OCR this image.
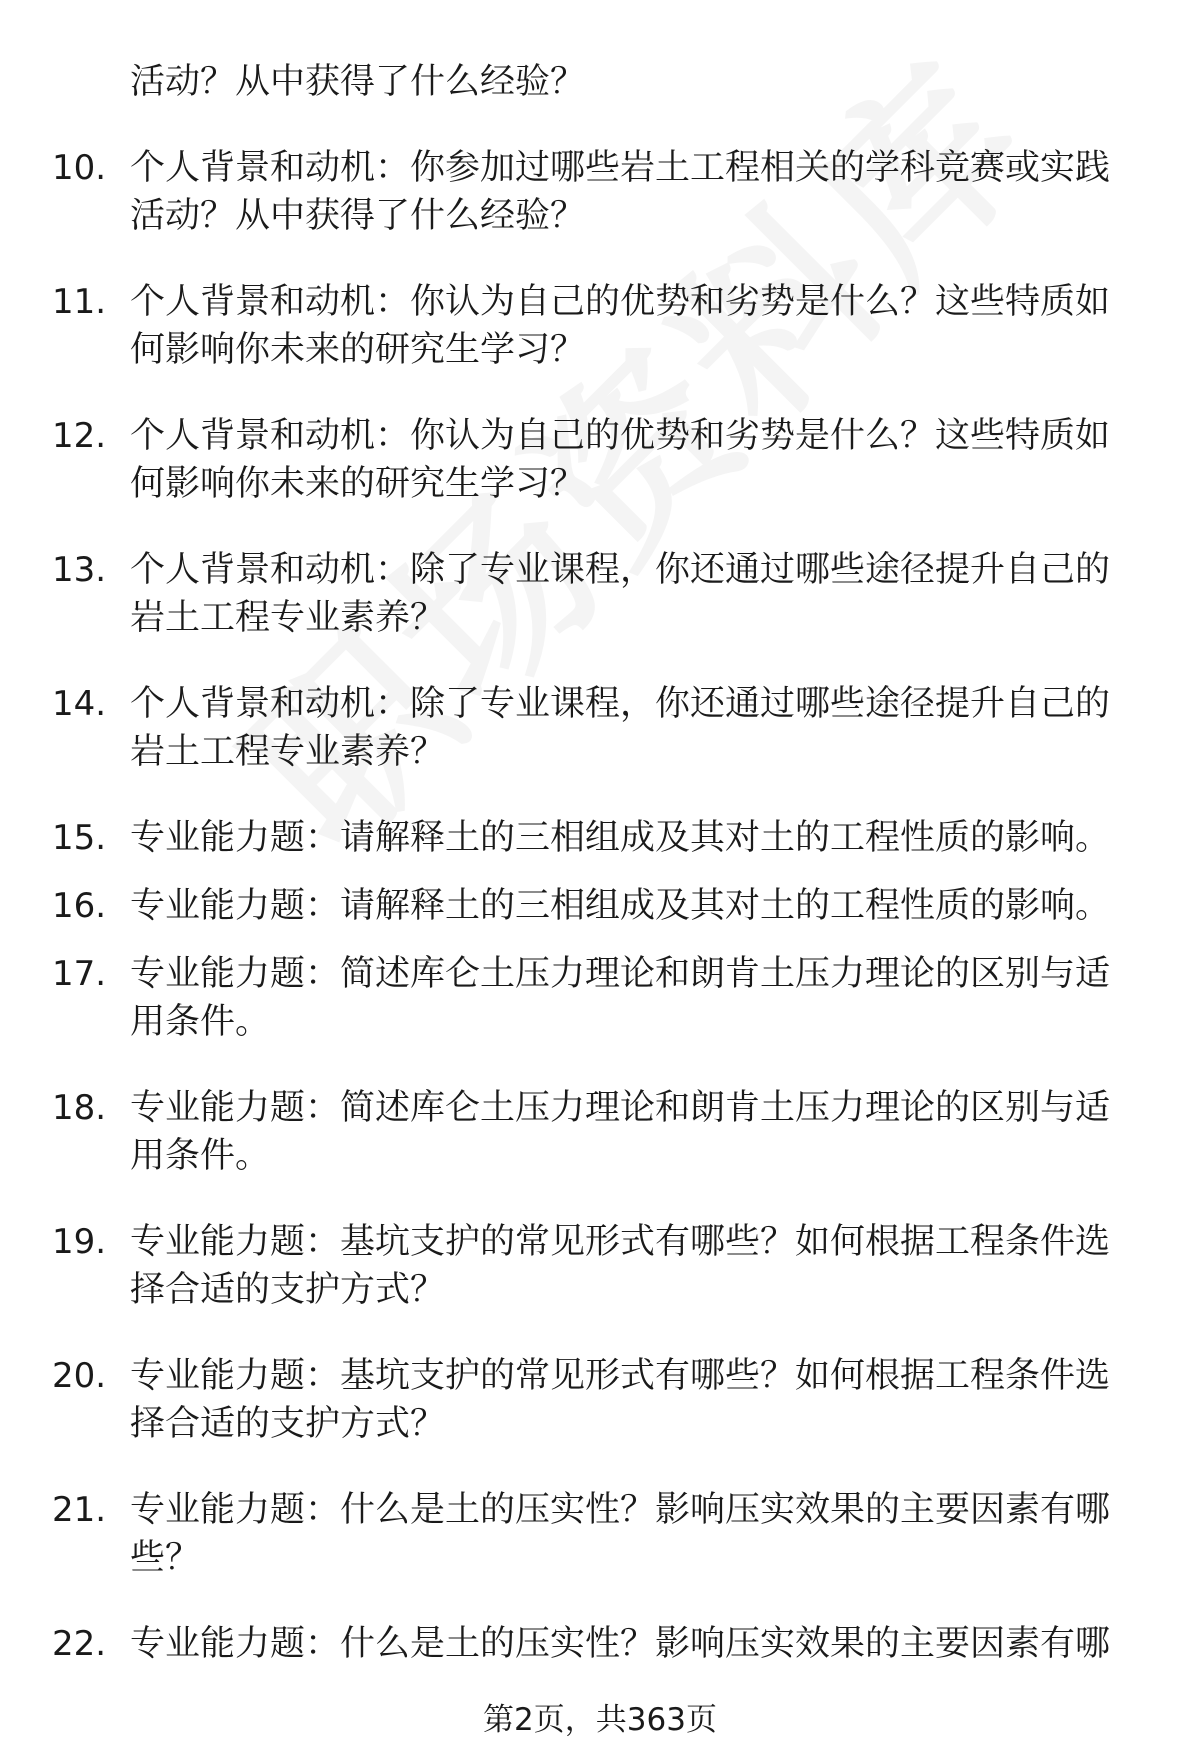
活动？从中获得了什么经验？
10. 个人背景和动机：你参加过哪些岩土工程相关的学科竞赛或实践活动？从中获得了什么经验？
11. 个人背景和动机：你认为自己的优势和劣势是什么？这些特质如何影响你未来的研究生学习？
12. 个人背景和动机：你认为自己的优势和劣势是什么？这些特质如何影响你未来的研究生学习？
13. 个人背景和动机：除了专业课程，你还通过哪些途径提升自己的岩土工程专业素养？
14. 个人背景和动机：除了专业课程，你还通过哪些途径提升自己的岩土工程专业素养？
15. 专业能力题：请解释土的三相组成及其对土的工程性质的影响。
16. 专业能力题：请解释土的三相组成及其对土的工程性质的影响。
17. 专业能力题：简述库仑土压力理论和朗肯土压力理论的区别与适用条件。
18. 专业能力题：简述库仑土压力理论和朗肯土压力理论的区别与适用条件。
19. 专业能力题：基坑支护的常见形式有哪些？如何根据工程条件选择合适的支护方式？
20. 专业能力题：基坑支护的常见形式有哪些？如何根据工程条件选择合适的支护方式？
21. 专业能力题：什么是土的压实性？影响压实效果的主要因素有哪些？
22. 专业能力题：什么是土的压实性？影响压实效果的主要因素有哪
第2页，共363页
